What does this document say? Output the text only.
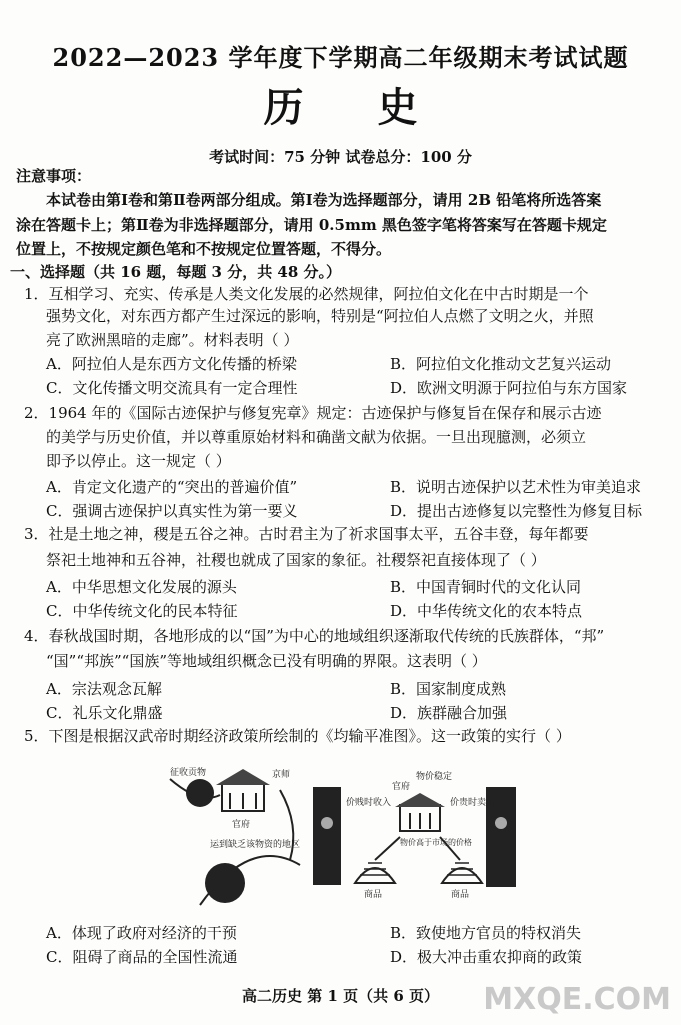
2022—2023 学年度下学期高二年级期末考试试题
历 史
考试时间：75 分钟 试卷总分：100 分
注意事项：
本试卷由第Ⅰ卷和第Ⅱ卷两部分组成。第Ⅰ卷为选择题部分，请用 2B 铅笔将所选答案
涂在答题卡上；第Ⅱ卷为非选择题部分，请用 0.5mm 黑色签字笔将答案写在答题卡规定
位置上，不按规定颜色笔和不按规定位置答题，不得分。
一、选择题（共 16 题，每题 3 分，共 48 分。）
1．互相学习、充实、传承是人类文化发展的必然规律，阿拉伯文化在中古时期是一个
强势文化，对东西方都产生过深远的影响，特别是“阿拉伯人点燃了文明之火，并照
亮了欧洲黑暗的走廊”。材料表明（ ）
A．阿拉伯人是东西方文化传播的桥梁	B．阿拉伯文化推动文艺复兴运动
C．文化传播文明交流具有一定合理性	D．欧洲文明源于阿拉伯与东方国家
2．1964 年的《国际古迹保护与修复宪章》规定：古迹保护与修复旨在保存和展示古迹
的美学与历史价值，并以尊重原始材料和确凿文献为依据。一旦出现臆测，必须立
即予以停止。这一规定（ ）
A．肯定文化遗产的“突出的普遍价值”	B．说明古迹保护以艺术性为审美追求
C．强调古迹保护以真实性为第一要义	D．提出古迹修复以完整性为修复目标
3．社是土地之神，稷是五谷之神。古时君主为了祈求国事太平，五谷丰登，每年都要
祭祀土地神和五谷神，社稷也就成了国家的象征。社稷祭祀直接体现了（ ）
A．中华思想文化发展的源头	B．中国青铜时代的文化认同
C．中华传统文化的民本特征	D．中华传统文化的农本特点
4．春秋战国时期，各地形成的以“国”为中心的地域组织逐渐取代传统的氏族群体，“邦”
“国”“邦族”“国族”等地域组织概念已没有明确的界限。这表明（ ）
A．宗法观念瓦解	B．国家制度成熟
C．礼乐文化鼎盛	D．族群融合加强
5．下图是根据汉武帝时期经济政策所绘制的《均输平准图》。这一政策的实行（ ）
征收贡物	京师
官府
价贱时收入	价贵时卖出
运到缺乏该物资的地区
官府
物价稳定
物价高于市场的价格
商品	商品
A．体现了政府对经济的干预	B．致使地方官员的特权消失
C．阻碍了商品的全国性流通	D．极大冲击重农抑商的政策
高二历史 第 1 页（共 6 页）	MXQE.COM
